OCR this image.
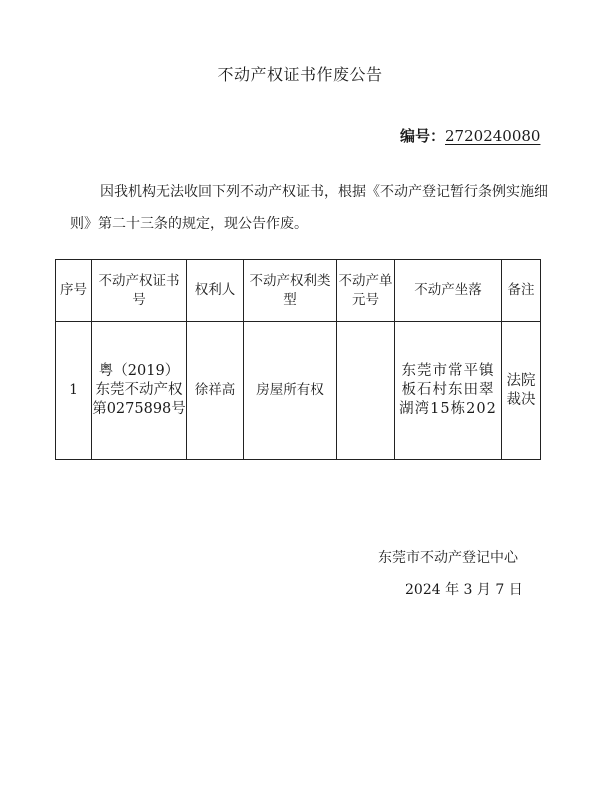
不动产权证书作废公告
编号：2720240080
因我机构无法收回下列不动产权证书，根据《不动产登记暂行条例实施细则》第二十三条的规定，现公告作废。
序号	不动产权证书号	权利人	不动产权利类型	不动产单元号	不动产坐落	备注
1	粤（2019）东莞不动产权第0275898号	徐祥高	房屋所有权		东莞市常平镇板石村东田翠湖湾15栋202	法院裁决
东莞市不动产登记中心
2024 年 3 月 7 日
